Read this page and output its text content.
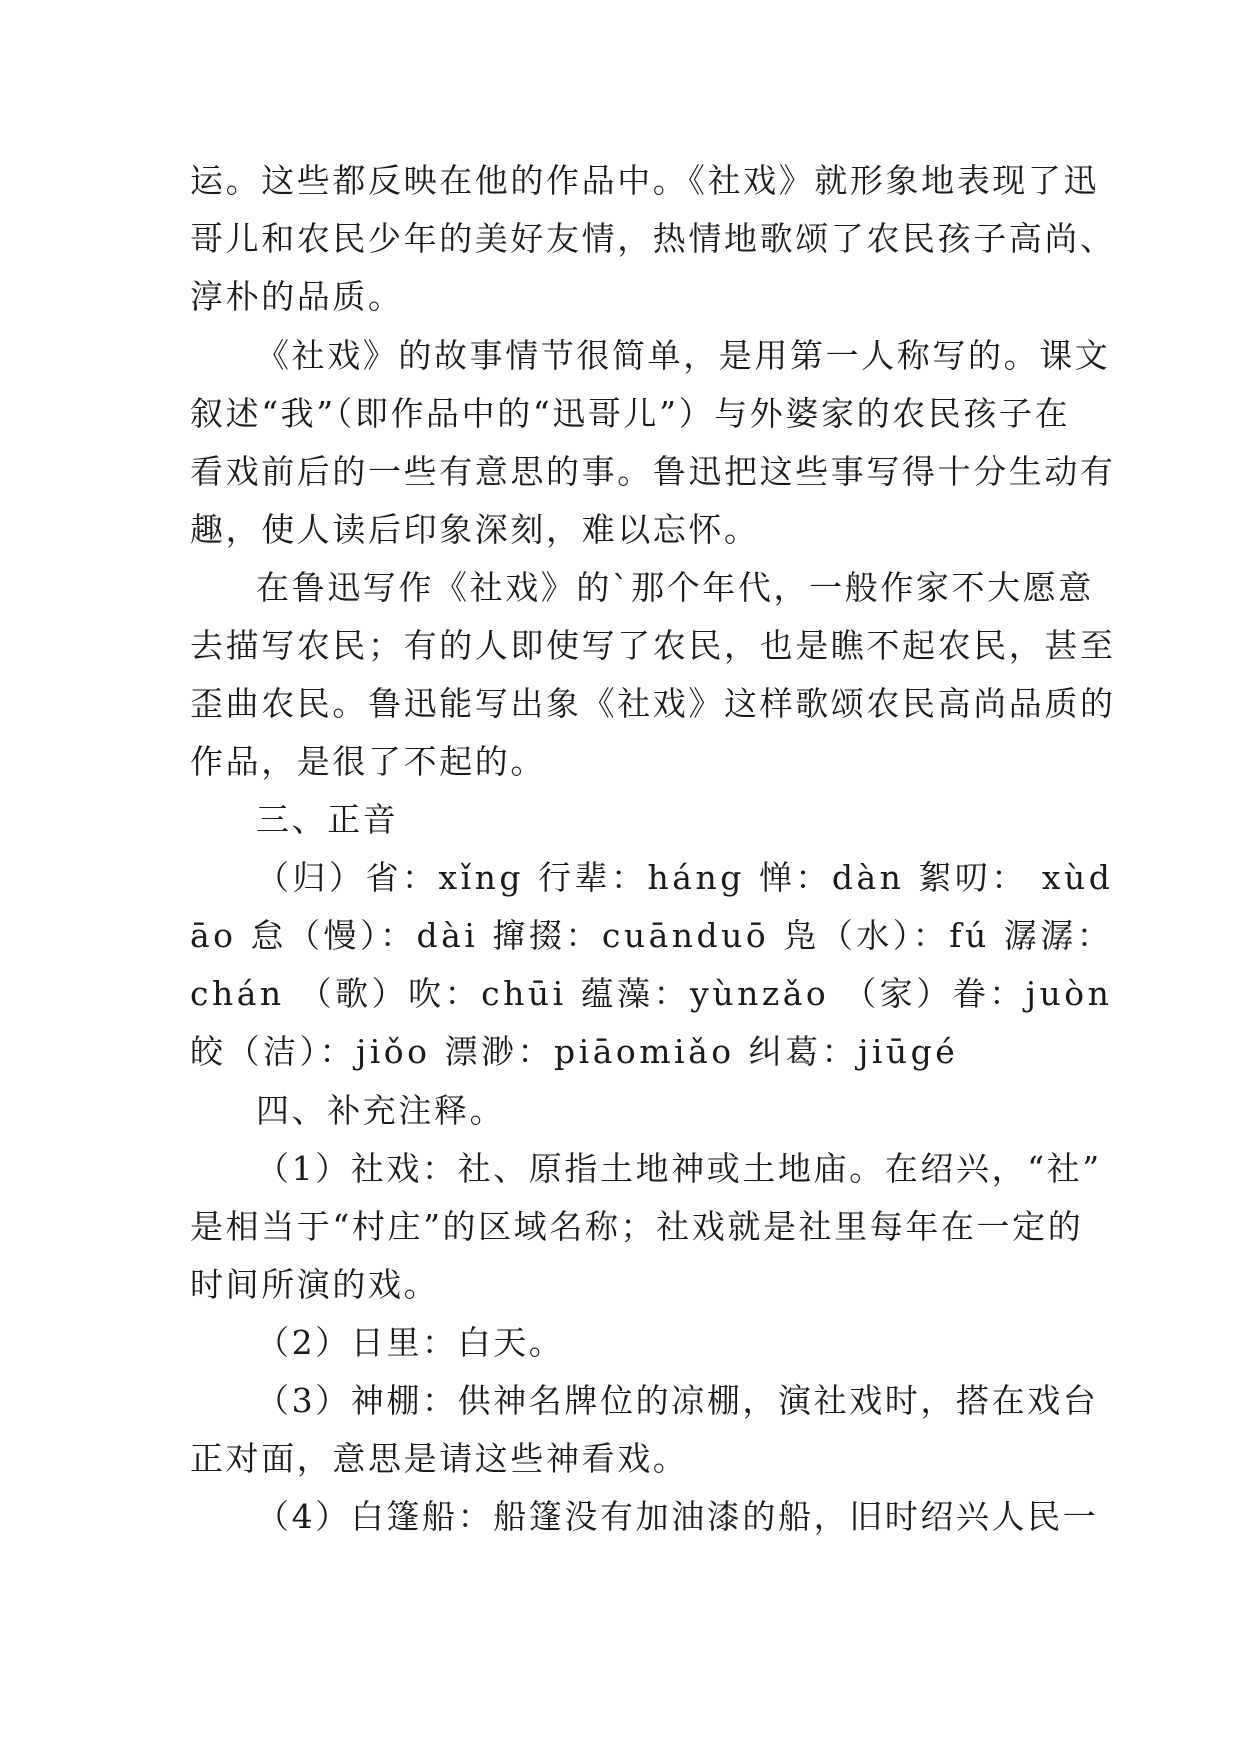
运。这些都反映在他的作品中。《社戏》就形象地表现了迅
哥儿和农民少年的美好友情，热情地歌颂了农民孩子高尚、
淳朴的品质。
《社戏》的故事情节很简单，是用第一人称写的。课文
叙述“我”（即作品中的“迅哥儿”）与外婆家的农民孩子在
看戏前后的一些有意思的事。鲁迅把这些事写得十分生动有
趣，使人读后印象深刻，难以忘怀。
在鲁迅写作《社戏》的`那个年代，一般作家不大愿意
去描写农民；有的人即使写了农民，也是瞧不起农民，甚至
歪曲农民。鲁迅能写出象《社戏》这样歌颂农民高尚品质的
作品，是很了不起的。
三、正音
（归）省：xǐng 行辈：háng 惮：dàn 絮叨： xùd
āo 怠（慢）：dài 撺掇：cuānduō 凫（水）：fú 潺潺：
chán （歌）吹：chūi 蕴藻：yùnzǎo （家）眷：juòn
皎（洁）：jiǒo 漂渺：piāomiǎo 纠葛：jiūgé
四、补充注释。
（1）社戏：社、原指土地神或土地庙。在绍兴，“社”
是相当于“村庄”的区域名称；社戏就是社里每年在一定的
时间所演的戏。
（2）日里：白天。
（3）神棚：供神名牌位的凉棚，演社戏时，搭在戏台
正对面，意思是请这些神看戏。
（4）白篷船：船篷没有加油漆的船，旧时绍兴人民一
